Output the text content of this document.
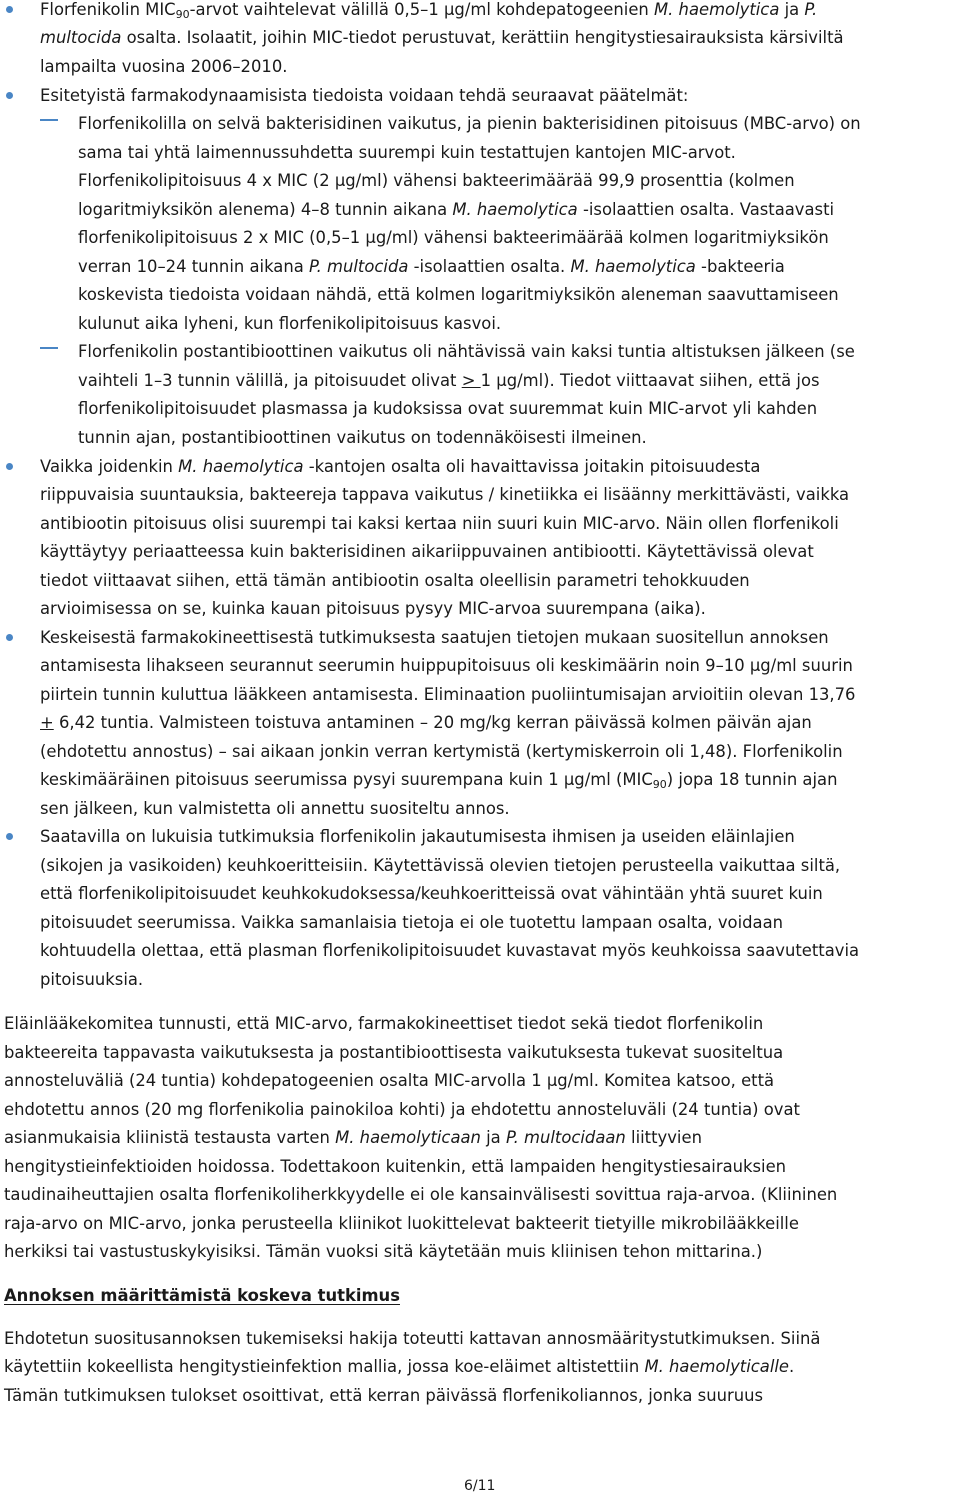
Florfenikolin $MIC_{90}$-arvot vaihtelevat välillä 0,5–1 µg/ml kohdepatogeenien M. haemolytica ja P.
multocida osalta. Isolaatit, joihin MIC-tiedot perustuvat, kerättiin hengitystiesairauksista kärsiviltä
lampailta vuosina 2006–2010.
Esitetyistä farmakodynaamisista tiedoista voidaan tehdä seuraavat päätelmät:
Florfenikolilla on selvä bakterisidinen vaikutus, ja pienin bakterisidinen pitoisuus (MBC-arvo) on
sama tai yhtä laimennussuhdetta suurempi kuin testattujen kantojen MIC-arvot.
Florfenikolipitoisuus 4 x MIC (2 µg/ml) vähensi bakteerimäärää 99,9 prosenttia (kolmen
logaritmiyksikön alenema) 4–8 tunnin aikana M. haemolytica -isolaattien osalta. Vastaavasti
florfenikolipitoisuus 2 x MIC (0,5–1 µg/ml) vähensi bakteerimäärää kolmen logaritmiyksikön
verran 10–24 tunnin aikana P. multocida -isolaattien osalta. M. haemolytica -bakteeria
koskevista tiedoista voidaan nähdä, että kolmen logaritmiyksikön aleneman saavuttamiseen
kulunut aika lyheni, kun florfenikolipitoisuus kasvoi.
Florfenikolin postantibioottinen vaikutus oli nähtävissä vain kaksi tuntia altistuksen jälkeen (se
vaihteli 1–3 tunnin välillä, ja pitoisuudet olivat > 1 µg/ml). Tiedot viittaavat siihen, että jos
florfenikolipitoisuudet plasmassa ja kudoksissa ovat suuremmat kuin MIC-arvot yli kahden
tunnin ajan, postantibioottinen vaikutus on todennäköisesti ilmeinen.
Vaikka joidenkin M. haemolytica -kantojen osalta oli havaittavissa joitakin pitoisuudesta
riippuvaisia suuntauksia, bakteereja tappava vaikutus / kinetiikka ei lisäänny merkittävästi, vaikka
antibiootin pitoisuus olisi suurempi tai kaksi kertaa niin suuri kuin MIC-arvo. Näin ollen florfenikoli
käyttäytyy periaatteessa kuin bakterisidinen aikariippuvainen antibiootti. Käytettävissä olevat
tiedot viittaavat siihen, että tämän antibiootin osalta oleellisin parametri tehokkuuden
arvioimisessa on se, kuinka kauan pitoisuus pysyy MIC-arvoa suurempana (aika).
Keskeisestä farmakokineettisestä tutkimuksesta saatujen tietojen mukaan suositellun annoksen
antamisesta lihakseen seurannut seerumin huippupitoisuus oli keskimäärin noin 9–10 µg/ml suurin
piirtein tunnin kuluttua lääkkeen antamisesta. Eliminaation puoliintumisajan arvioitiin olevan 13,76
+ 6,42 tuntia. Valmisteen toistuva antaminen – 20 mg/kg kerran päivässä kolmen päivän ajan
(ehdotettu annostus) – sai aikaan jonkin verran kertymistä (kertymiskerroin oli 1,48). Florfenikolin
keskimääräinen pitoisuus seerumissa pysyi suurempana kuin 1 µg/ml $(MIC_{90})$ jopa 18 tunnin ajan
sen jälkeen, kun valmistetta oli annettu suositeltu annos.
Saatavilla on lukuisia tutkimuksia florfenikolin jakautumisesta ihmisen ja useiden eläinlajien
(sikojen ja vasikoiden) keuhkoeritteisiin. Käytettävissä olevien tietojen perusteella vaikuttaa siltä,
että florfenikolipitoisuudet keuhkokudoksessa/keuhkoeritteissä ovat vähintään yhtä suuret kuin
pitoisuudet seerumissa. Vaikka samanlaisia tietoja ei ole tuotettu lampaan osalta, voidaan
kohtuudella olettaa, että plasman florfenikolipitoisuudet kuvastavat myös keuhkoissa saavutettavia
pitoisuuksia.
Eläinlääkekomitea tunnusti, että MIC-arvo, farmakokineettiset tiedot sekä tiedot florfenikolin
bakteereita tappavasta vaikutuksesta ja postantibioottisesta vaikutuksesta tukevat suositeltua
annosteluväliä (24 tuntia) kohdepatogeenien osalta MIC-arvolla 1 µg/ml. Komitea katsoo, että
ehdotettu annos (20 mg florfenikolia painokiloa kohti) ja ehdotettu annosteluväli (24 tuntia) ovat
asianmukaisia kliinistä testausta varten M. haemolyticaan ja P. multocidaan liittyvien
hengitystieinfektioiden hoidossa. Todettakoon kuitenkin, että lampaiden hengitystiesairauksien
taudinaiheuttajien osalta florfenikoliherkkyydelle ei ole kansainvälisesti sovittua raja-arvoa. (Kliininen
raja-arvo on MIC-arvo, jonka perusteella kliinikot luokittelevat bakteerit tietyille mikrobilääkkeille
herkiksi tai vastustuskykyisiksi. Tämän vuoksi sitä käytetään muis kliinisen tehon mittarina.)
Annoksen määrittämistä koskeva tutkimus
Ehdotetun suositusannoksen tukemiseksi hakija toteutti kattavan annosmääritystutkimuksen. Siinä
käytettiin kokeellista hengitystieinfektion mallia, jossa koe-eläimet altistettiin M. haemolyticalle.
Tämän tutkimuksen tulokset osoittivat, että kerran päivässä florfenikoliannos, jonka suuruus
6/11
